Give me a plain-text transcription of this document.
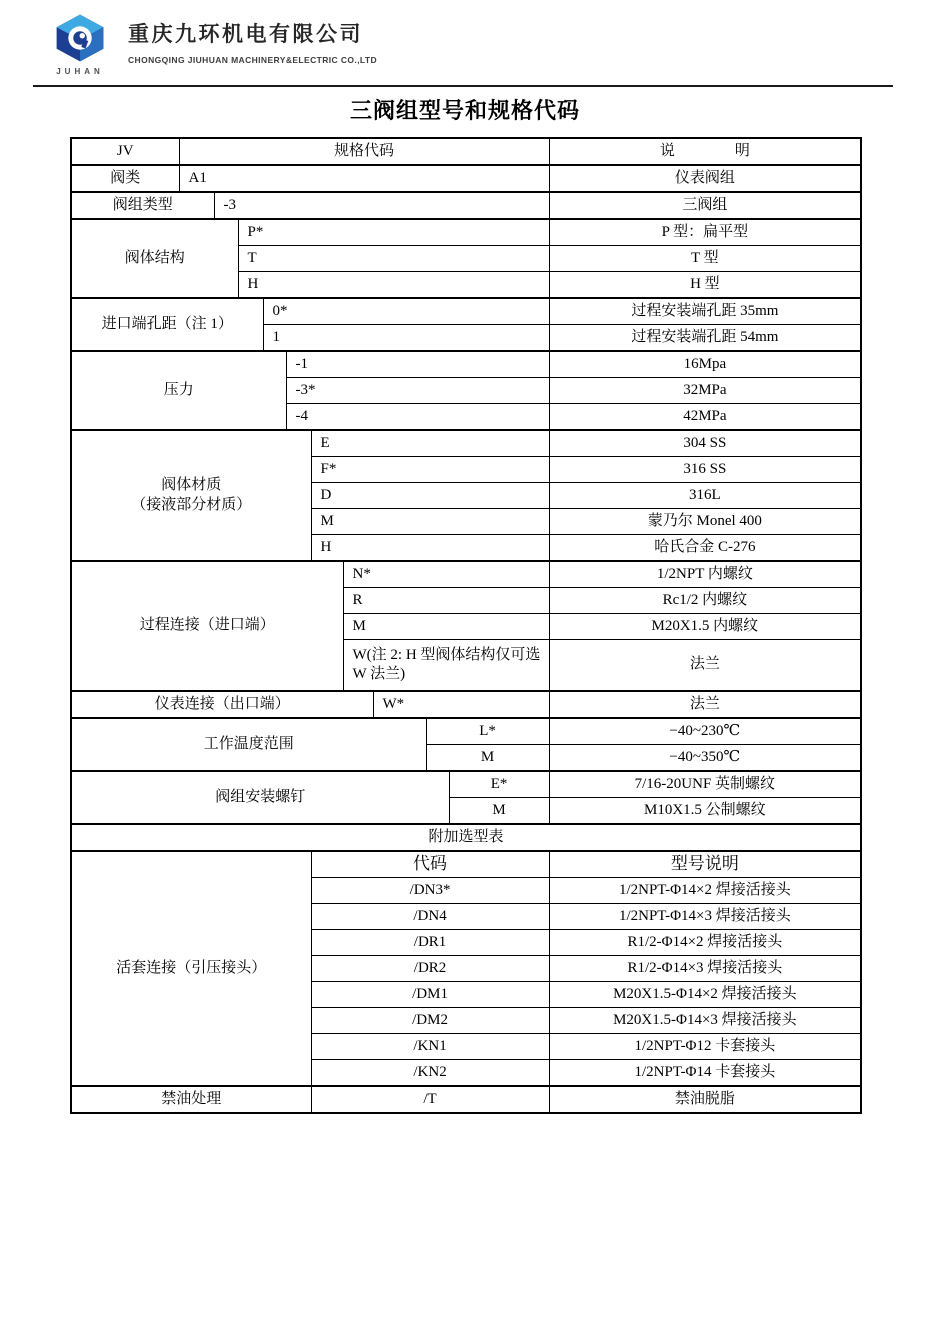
JUHAN
重庆九环机电有限公司
CHONGQING JIUHUAN MACHINERY&ELECTRIC CO.,LTD
三阀组型号和规格代码
JV	规格代码										说　　　　明
阀类	A1										仪表阀组
阀组类型		-3									三阀组
阀体结构			P*								P 型：扁平型
			T								T 型
			H								H 型
进口端孔距（注 1）				0*							过程安装端孔距 35mm
				1							过程安装端孔距 54mm
压力					-1						16Mpa
					-3*						32MPa
					-4						42MPa
阀体材质
（接液部分材质）						E					304 SS
						F*					316 SS
						D					316L
						M					蒙乃尔 Monel 400
						H					哈氏合金 C-276
过程连接（进口端）							N*				1/2NPT 内螺纹
							R				Rc1/2 内螺纹
							M				M20X1.5 内螺纹
							W(注 2: H 型阀体结构仅可选 W 法兰)				法兰
仪表连接（出口端）								W*			法兰
工作温度范围									L*		−40~230℃
									M		−40~350℃
阀组安装螺钉										E*	7/16-20UNF 英制螺纹
										M	M10X1.5 公制螺纹
附加选型表											
活套连接（引压接头）						代码					型号说明
						/DN3*					1/2NPT-Φ14×2 焊接活接头
						/DN4					1/2NPT-Φ14×3 焊接活接头
						/DR1					R1/2-Φ14×2 焊接活接头
						/DR2					R1/2-Φ14×3 焊接活接头
						/DM1					M20X1.5-Φ14×2 焊接活接头
						/DM2					M20X1.5-Φ14×3 焊接活接头
						/KN1					1/2NPT-Φ12 卡套接头
						/KN2					1/2NPT-Φ14 卡套接头
禁油处理						/T					禁油脱脂
